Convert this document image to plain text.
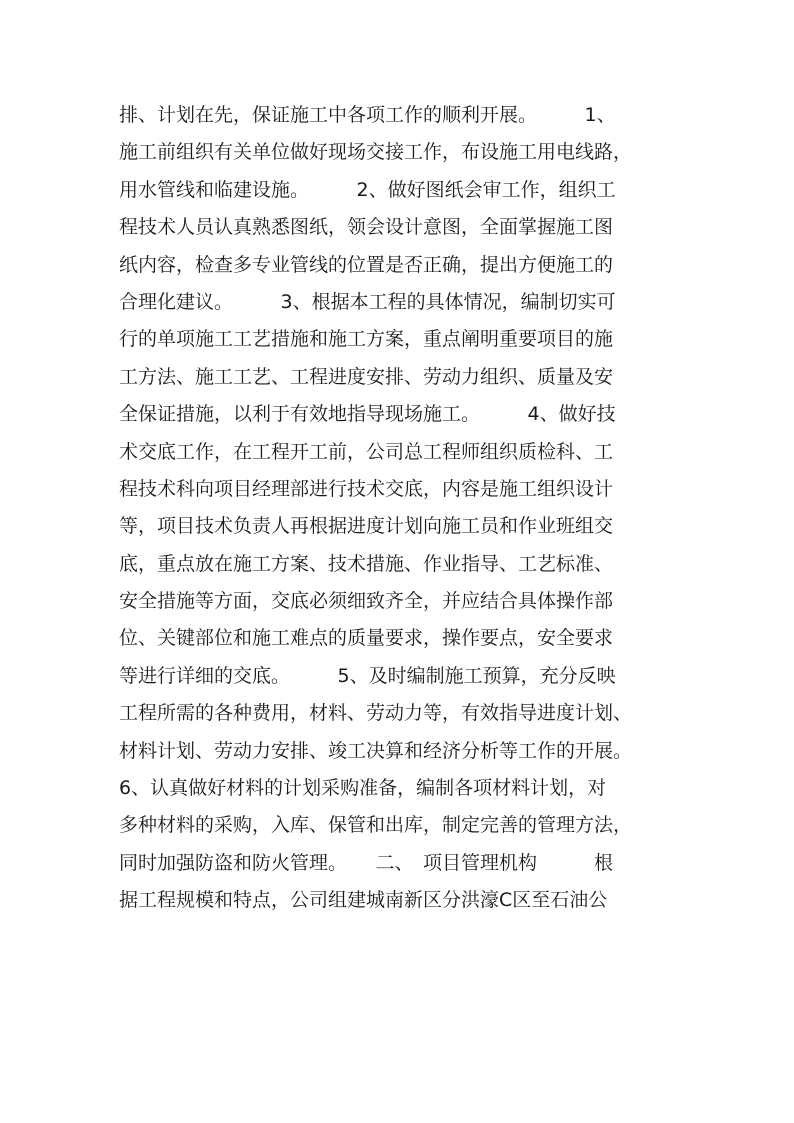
排、计划在先，保证施工中各项工作的顺利开展。　　　1、
施工前组织有关单位做好现场交接工作，布设施工用电线路，
用水管线和临建设施。　　　2、做好图纸会审工作，组织工
程技术人员认真熟悉图纸，领会设计意图，全面掌握施工图
纸内容，检查多专业管线的位置是否正确，提出方便施工的
合理化建议。　　　3、根据本工程的具体情况，编制切实可
行的单项施工工艺措施和施工方案，重点阐明重要项目的施
工方法、施工工艺、工程进度安排、劳动力组织、质量及安
全保证措施，以利于有效地指导现场施工。　　　4、做好技
术交底工作，在工程开工前，公司总工程师组织质检科、工
程技术科向项目经理部进行技术交底，内容是施工组织设计
等，项目技术负责人再根据进度计划向施工员和作业班组交
底，重点放在施工方案、技术措施、作业指导、工艺标准、
安全措施等方面，交底必须细致齐全，并应结合具体操作部
位、关键部位和施工难点的质量要求，操作要点，安全要求
等进行详细的交底。　　　5、及时编制施工预算，充分反映
工程所需的各种费用，材料、劳动力等，有效指导进度计划、
材料计划、劳动力安排、竣工决算和经济分析等工作的开展。
6、认真做好材料的计划采购准备，编制各项材料计划，对
多种材料的采购，入库、保管和出库，制定完善的管理方法，
同时加强防盗和防火管理。　　二、　项目管理机构　　　根
据工程规模和特点，公司组建城南新区分洪濠C区至石油公
